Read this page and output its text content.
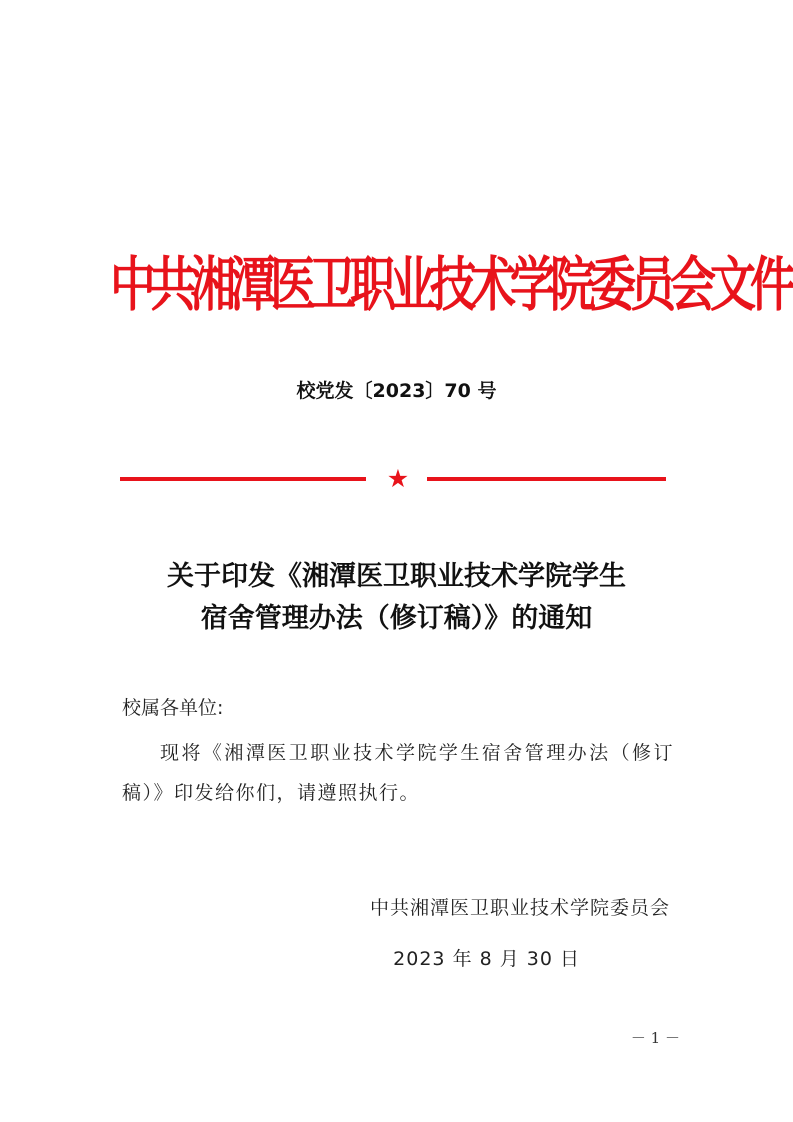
中共湘潭医卫职业技术学院委员会文件
校党发〔2023〕70 号
★
关于印发《湘潭医卫职业技术学院学生
宿舍管理办法（修订稿）》的通知
校属各单位:
现将《湘潭医卫职业技术学院学生宿舍管理办法（修订稿）》印发给你们，请遵照执行。
中共湘潭医卫职业技术学院委员会
2023 年 8 月 30 日
－ 1 －
